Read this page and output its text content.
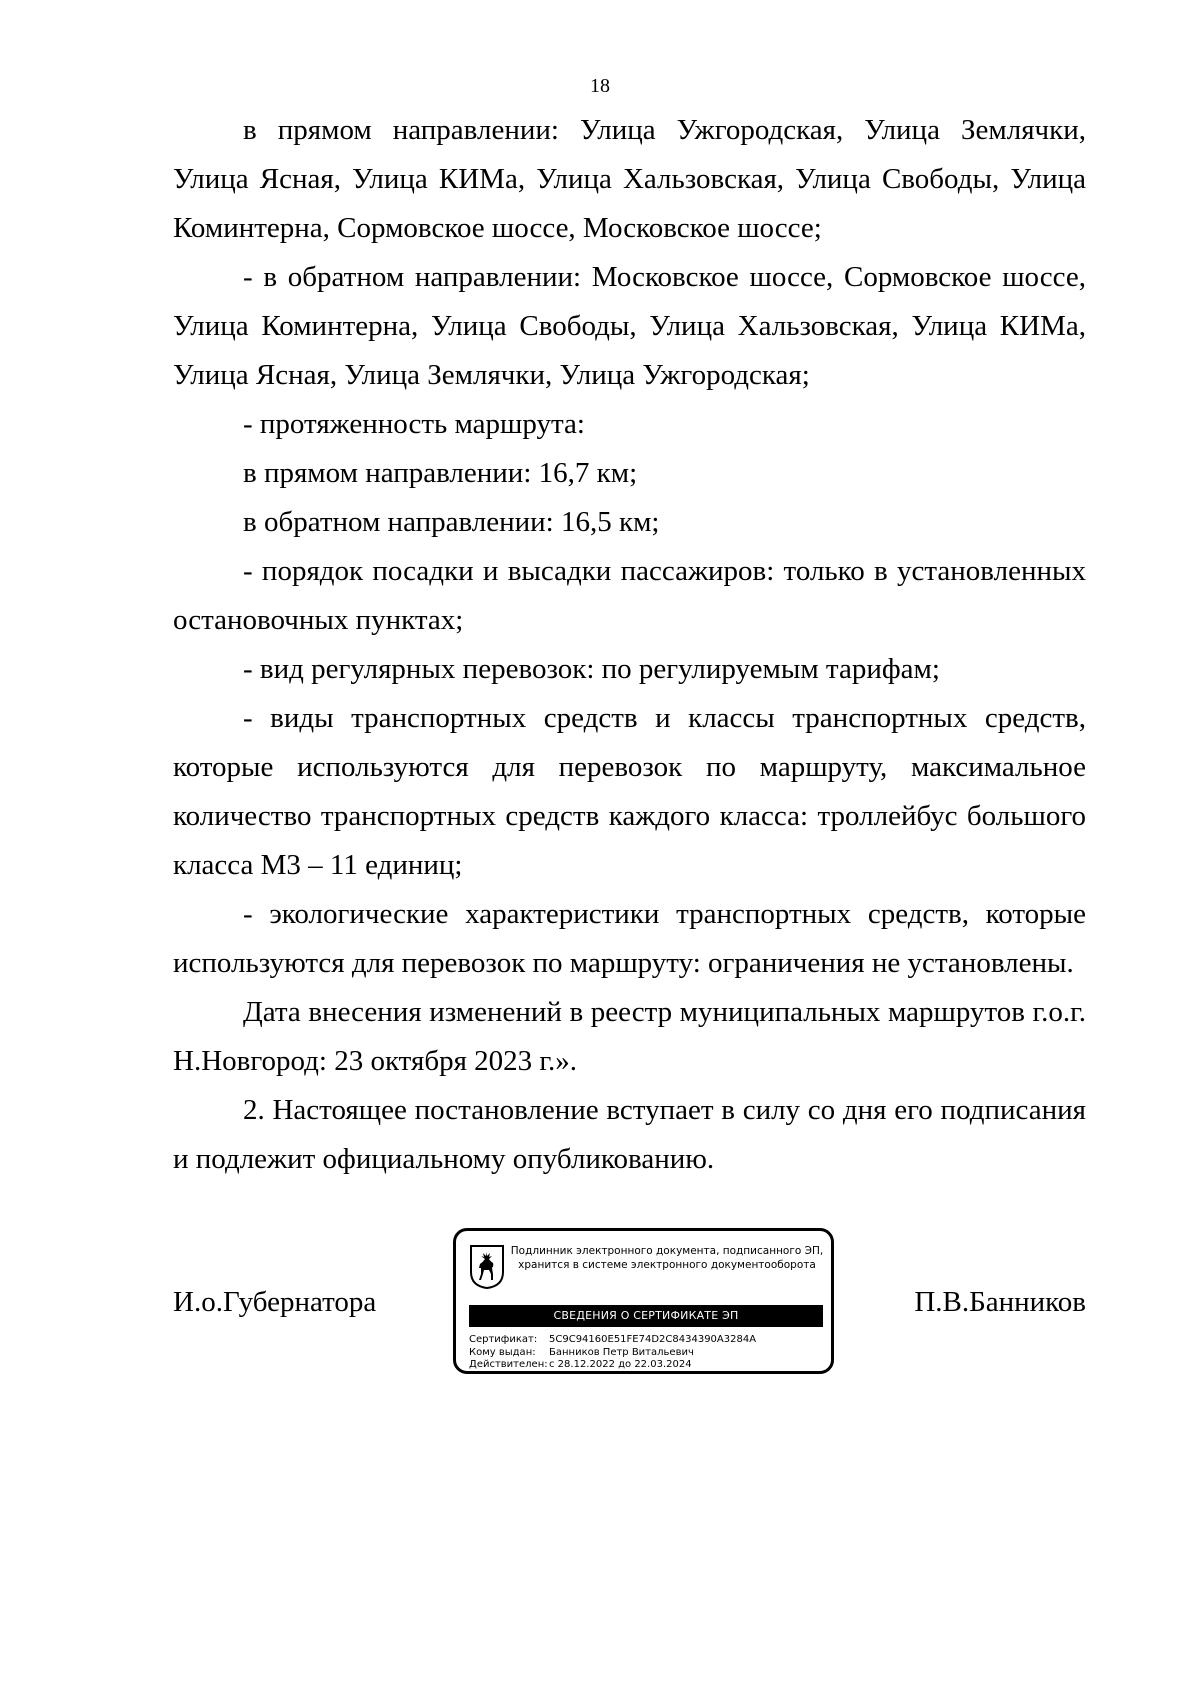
18

в прямом направлении: Улица Ужгородская, Улица Землячки, Улица Ясная, Улица КИМа, Улица Хальзовская, Улица Свободы, Улица Коминтерна, Сормовское шоссе, Московское шоссе;

- в обратном направлении: Московское шоссе, Сормовское шоссе, Улица Коминтерна, Улица Свободы, Улица Хальзовская, Улица КИМа, Улица Ясная, Улица Землячки, Улица Ужгородская;

- протяженность маршрута:

в прямом направлении: 16,7 км;

в обратном направлении: 16,5 км;

- порядок посадки и высадки пассажиров: только в установленных остановочных пунктах;

- вид регулярных перевозок: по регулируемым тарифам;

- виды транспортных средств и классы транспортных средств, которые используются для перевозок по маршруту, максимальное количество транспортных средств каждого класса: троллейбус большого класса М3 – 11 единиц;

- экологические характеристики транспортных средств, которые используются для перевозок по маршруту: ограничения не установлены.

Дата внесения изменений в реестр муниципальных маршрутов г.о.г. Н.Новгород: 23 октября 2023 г.».

2. Настоящее постановление вступает в силу со дня его подписания и подлежит официальному опубликованию.

И.о.Губернатора	П.В.Банников
Подлинник электронного документа, подписанного ЭП,
хранится в системе электронного документооборота
СВЕДЕНИЯ О СЕРТИФИКАТЕ ЭП
Сертификат: 5C9C94160E51FE74D2C8434390A3284A
Кому выдан: Банников Петр Витальевич
Действителен:с 28.12.2022 до 22.03.2024
